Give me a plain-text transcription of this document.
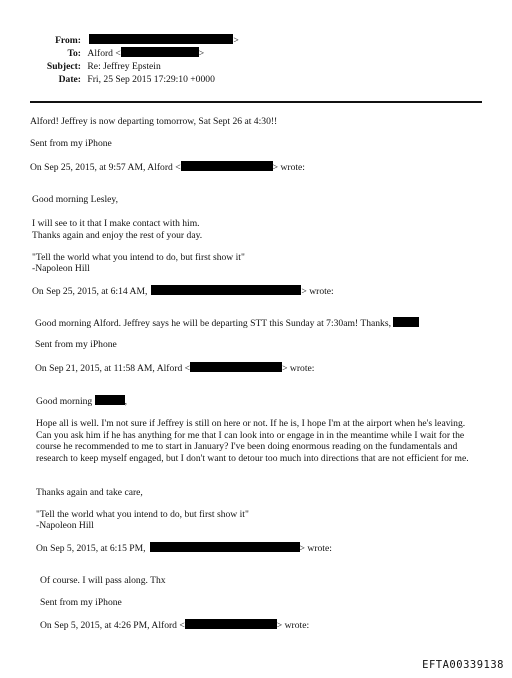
From:	>
To: Alford <	>
Subject: Re: Jeffrey Epstein
Date: Fri, 25 Sep 2015 17:29:10 +0000
Alford! Jeffrey is now departing tomorrow, Sat Sept 26 at 4:30!!
Sent from my iPhone
On Sep 25, 2015, at 9:57 AM, Alford <	> wrote:
Good morning Lesley,
I will see to it that I make contact with him.
Thanks again and enjoy the rest of your day.
"Tell the world what you intend to do, but first show it"
-Napoleon Hill
On Sep 25, 2015, at 6:14 AM,	> wrote:
Good morning Alford. Jeffrey says he will be departing STT this Sunday at 7:30am! Thanks,
Sent from my iPhone
On Sep 21, 2015, at 11:58 AM, Alford <	> wrote:
Good morning	,
Hope all is well. I'm not sure if Jeffrey is still on here or not. If he is, I hope I'm at the airport when he's leaving. Can you ask him if he has anything for me that I can look into or engage in in the meantime while I wait for the course he recommended to me to start in January? I've been doing enormous reading on the fundamentals and research to keep myself engaged, but I don't want to detour too much into directions that are not efficient for me.
Thanks again and take care,
"Tell the world what you intend to do, but first show it"
-Napoleon Hill
On Sep 5, 2015, at 6:15 PM,	> wrote:
Of course. I will pass along. Thx
Sent from my iPhone
On Sep 5, 2015, at 4:26 PM, Alford <	> wrote:
EFTA00339138
